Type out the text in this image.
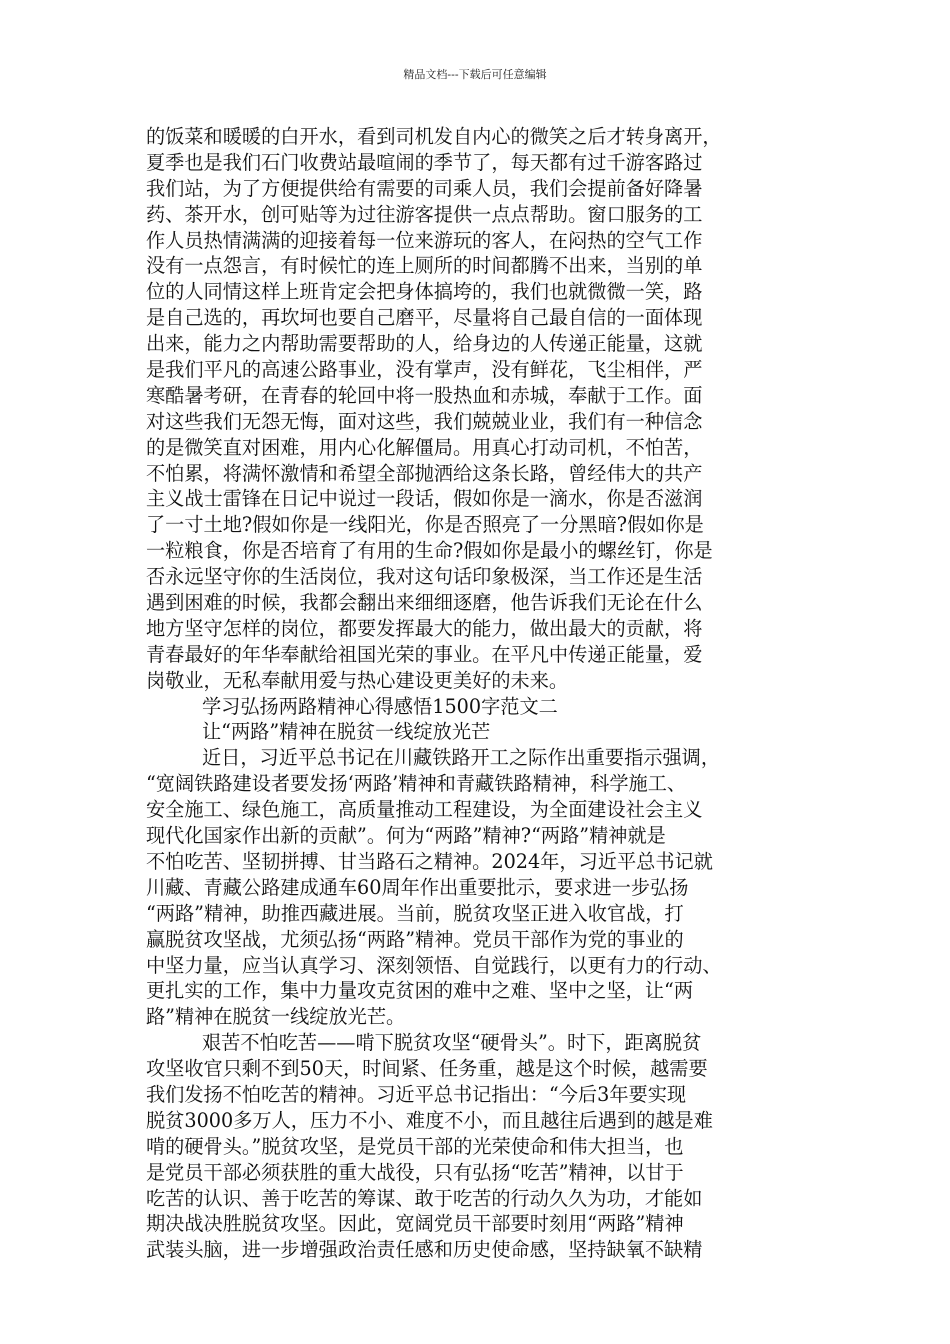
精品文档---下载后可任意编辑
的饭菜和暖暖的白开水，看到司机发自内心的微笑之后才转身离开，
夏季也是我们石门收费站最喧闹的季节了，每天都有过千游客路过
我们站，为了方便提供给有需要的司乘人员，我们会提前备好降暑
药、茶开水，创可贴等为过往游客提供一点点帮助。窗口服务的工
作人员热情满满的迎接着每一位来游玩的客人，在闷热的空气工作
没有一点怨言，有时候忙的连上厕所的时间都腾不出来，当别的单
位的人同情这样上班肯定会把身体搞垮的，我们也就微微一笑，路
是自己选的，再坎坷也要自己磨平，尽量将自己最自信的一面体现
出来，能力之内帮助需要帮助的人，给身边的人传递正能量，这就
是我们平凡的高速公路事业，没有掌声，没有鲜花，飞尘相伴，严
寒酷暑考研，在青春的轮回中将一股热血和赤城，奉献于工作。面
对这些我们无怨无悔，面对这些，我们兢兢业业，我们有一种信念
的是微笑直对困难，用内心化解僵局。用真心打动司机，不怕苦，
不怕累，将满怀激情和希望全部抛洒给这条长路，曾经伟大的共产
主义战士雷锋在日记中说过一段话，假如你是一滴水，你是否滋润
了一寸土地?假如你是一线阳光，你是否照亮了一分黑暗?假如你是
一粒粮食，你是否培育了有用的生命?假如你是最小的螺丝钉，你是
否永远坚守你的生活岗位，我对这句话印象极深，当工作还是生活
遇到困难的时候，我都会翻出来细细逐磨，他告诉我们无论在什么
地方坚守怎样的岗位，都要发挥最大的能力，做出最大的贡献，将
青春最好的年华奉献给祖国光荣的事业。在平凡中传递正能量，爱
岗敬业，无私奉献用爱与热心建设更美好的未来。
学习弘扬两路精神心得感悟1500字范文二
让“两路”精神在脱贫一线绽放光芒
近日，习近平总书记在川藏铁路开工之际作出重要指示强调，
“宽阔铁路建设者要发扬‘两路’精神和青藏铁路精神，科学施工、
安全施工、绿色施工，高质量推动工程建设，为全面建设社会主义
现代化国家作出新的贡献”。何为“两路”精神?“两路”精神就是
不怕吃苦、坚韧拼搏、甘当路石之精神。2024年，习近平总书记就
川藏、青藏公路建成通车60周年作出重要批示，要求进一步弘扬
“两路”精神，助推西藏进展。当前，脱贫攻坚正进入收官战，打
赢脱贫攻坚战，尤须弘扬“两路”精神。党员干部作为党的事业的
中坚力量，应当认真学习、深刻领悟、自觉践行，以更有力的行动、
更扎实的工作，集中力量攻克贫困的难中之难、坚中之坚，让“两
路”精神在脱贫一线绽放光芒。
艰苦不怕吃苦——啃下脱贫攻坚“硬骨头”。时下，距离脱贫
攻坚收官只剩不到50天，时间紧、任务重，越是这个时候，越需要
我们发扬不怕吃苦的精神。习近平总书记指出：“今后3年要实现
脱贫3000多万人，压力不小、难度不小，而且越往后遇到的越是难
啃的硬骨头。”脱贫攻坚，是党员干部的光荣使命和伟大担当，也
是党员干部必须获胜的重大战役，只有弘扬“吃苦”精神，以甘于
吃苦的认识、善于吃苦的筹谋、敢于吃苦的行动久久为功，才能如
期决战决胜脱贫攻坚。因此，宽阔党员干部要时刻用“两路”精神
武装头脑，进一步增强政治责任感和历史使命感，坚持缺氧不缺精
